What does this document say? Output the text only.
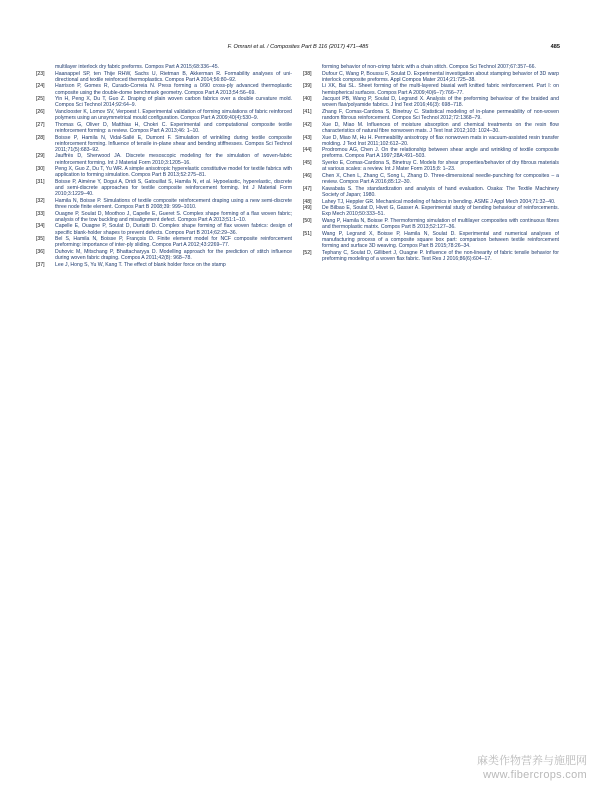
F. Omrani et al. / Composites Part B 116 (2017) 471–485	485
multilayer interlock dry fabric preforms. Compos Part A 2015;68:336–45.
[23]	Haanappel SP, ten Thije RHW, Sachs U, Rietman B, Akkerman R. Formability analyses of uni-directional and textile reinforced thermoplastics. Compos Part A 2014;56:80–92.
[24]	Harrison P, Gomes R, Curado-Correia N. Press forming a 0/90 cross-ply advanced thermoplastic composite using the double-dome benchmark geometry. Compos Part A 2013;54:56–69.
[25]	Yin H, Peng X, Du T, Guo Z. Draping of plain woven carbon fabrics over a double curvature mold. Compos Sci Technol 2014;92:64–9.
[26]	Vanclooster K, Lomov SV, Verpoest I. Experimental validation of forming simulations of fabric reinforced polymers using an unsymmetrical mould configuration. Compos Part A 2009;40(4):530–9.
[27]	Thomas G, Oliver D, Matthias H, Chokri C. Experimental and computational composite textile reinforcement forming: a review. Compos Part A 2013;46: 1–10.
[28]	Boisse P, Hamila N, Vidal-Sallé E, Dumont F. Simulation of wrinkling during textile composite reinforcement forming. Influence of tensile in-plane shear and bending stiffnesses. Compos Sci Technol 2011;71(5):683–92.
[29]	Jauffrès D, Sherwood JA. Discrete mesoscopic modeling for the simulation of woven-fabric reinforcement forming. Int J Material Form 2010;3:1205–16.
[30]	Peng X, Guo Z, Du T, Yu WR. A simple anisotropic hyperelastic constitutive model for textile fabrics with application to forming simulation. Compos Part B 2013;52:275–81.
[31]	Boisse P, Aimène Y, Dogui A, Dridi S, Gatouillat S, Hamila N, et al. Hypoelastic, hyperelastic, discrete and semi-discrete approaches for textile composite reinforcement forming. Int J Material Form 2010;3:1229–40.
[32]	Hamila N, Boisse P. Simulations of textile composite reinforcement draping using a new semi-discrete three node finite element. Compos Part B 2008;39: 999–1010.
[33]	Ouagne P, Soulat D, Moothoo J, Capelle E, Gueret S. Complex shape forming of a flax woven fabric; analysis of the tow buckling and misalignment defect. Compos Part A 2013;51:1–10.
[34]	Capelle E, Ouagne P, Soulat D, Duriatti D. Complex shape forming of flax woven fabrics: design of specific blank-holder shapes to prevent defects. Compos Part B 2014;62:29–36.
[35]	Bel S, Hamila N, Boisse P, François D. Finite element model for NCF composite reinforcement preforming: importance of inter-ply sliding. Compos Part A 2012;43:2269–77.
[36]	Duhovic M, Mitschang P, Bhattacharyya D. Modelling approach for the prediction of stitch influence during woven fabric draping. Compos A 2011;42(8): 968–78.
[37]	Lee J, Hong S, Yu W, Kang T. The effect of blank holder force on the stamp
forming behavior of non-crimp fabric with a chain stitch. Compos Sci Technol 2007;67:357–66.
[38]	Dufour C, Wang P, Boussu F, Soulat D. Experimental investigation about stamping behavior of 3D warp interlock composite preforms. Appl Compos Mater 2014;21:725–38.
[39]	Li XK, Bai SL. Sheet forming of the multi-layered biaxial weft knitted fabric reinforcement. Part I: on hemispherical surfaces. Compos Part A 2009;40(6–7):766–77.
[40]	Jacquot PB, Wang P, Soulat D, Legrand X. Analysis of the preforming behaviour of the braided and woven flax/polyamide fabrics. J Ind Text 2016;46(3): 698–718.
[41]	Zhang F, Comas-Cardona S, Binetruy C. Statistical modeling of in-plane permeability of non-woven random fibrous reinforcement. Compos Sci Technol 2012;72:1368–79.
[42]	Xue D, Miao M. Influences of moisture absorption and chemical treatments on the resin flow characteristics of natural fibre nonwoven mats. J Text Inst 2012;103: 1024–30.
[43]	Xue D, Miao M, Hu H. Permeability anisotropy of flax nonwoven mats in vacuum-assisted resin transfer molding. J Text Inst 2011;102:612–20.
[44]	Prodromou AG, Chen J. On the relationship between shear angle and wrinkling of textile composite preforms. Compos Part A 1997;28A:491–503.
[45]	Syerko E, Comas-Cardona S, Binetruy C. Models for shear properties/behavior of dry fibrous materials at various scales: a review. Int J Mater Form 2015;8: 1–23.
[46]	Chen X, Chen L, Zhang C, Song L, Zhang D. Three-dimensional needle-punching for composites – a review. Compos Part A 2016;85:12–30.
[47]	Kawabata S. The standardization and analysis of hand evaluation. Osaka: The Textile Machinery Society of Japan; 1980.
[48]	Lahey TJ, Heppler GR. Mechanical modeling of fabrics in bending. ASME J Appl Mech 2004;71:32–40.
[49]	De Bilbao E, Soulat D, Hivet G, Gasser A. Experimental study of bending behaviour of reinforcements. Exp Mech 2010;50:333–51.
[50]	Wang P, Hamila N, Boisse P. Thermoforming simulation of multilayer composites with continuous fibres and thermoplastic matrix. Compos Part B 2013;52:127–36.
[51]	Wang P, Legrand X, Boisse P, Hamila N, Soulat D. Experimental and numerical analyses of manufacturing process of a composite square box part: comparison between textile reinforcement forming and surface 3D weaving. Compos Part B 2015;78:26–34.
[52]	Tephany C, Soulat D, Gillibert J, Ouagne P. Influence of the non-linearity of fabric tensile behavior for preforming modeling of a woven flax fabric. Text Res J 2016;86(6):604–17.
麻类作物营养与施肥网
www.fibercrops.com
